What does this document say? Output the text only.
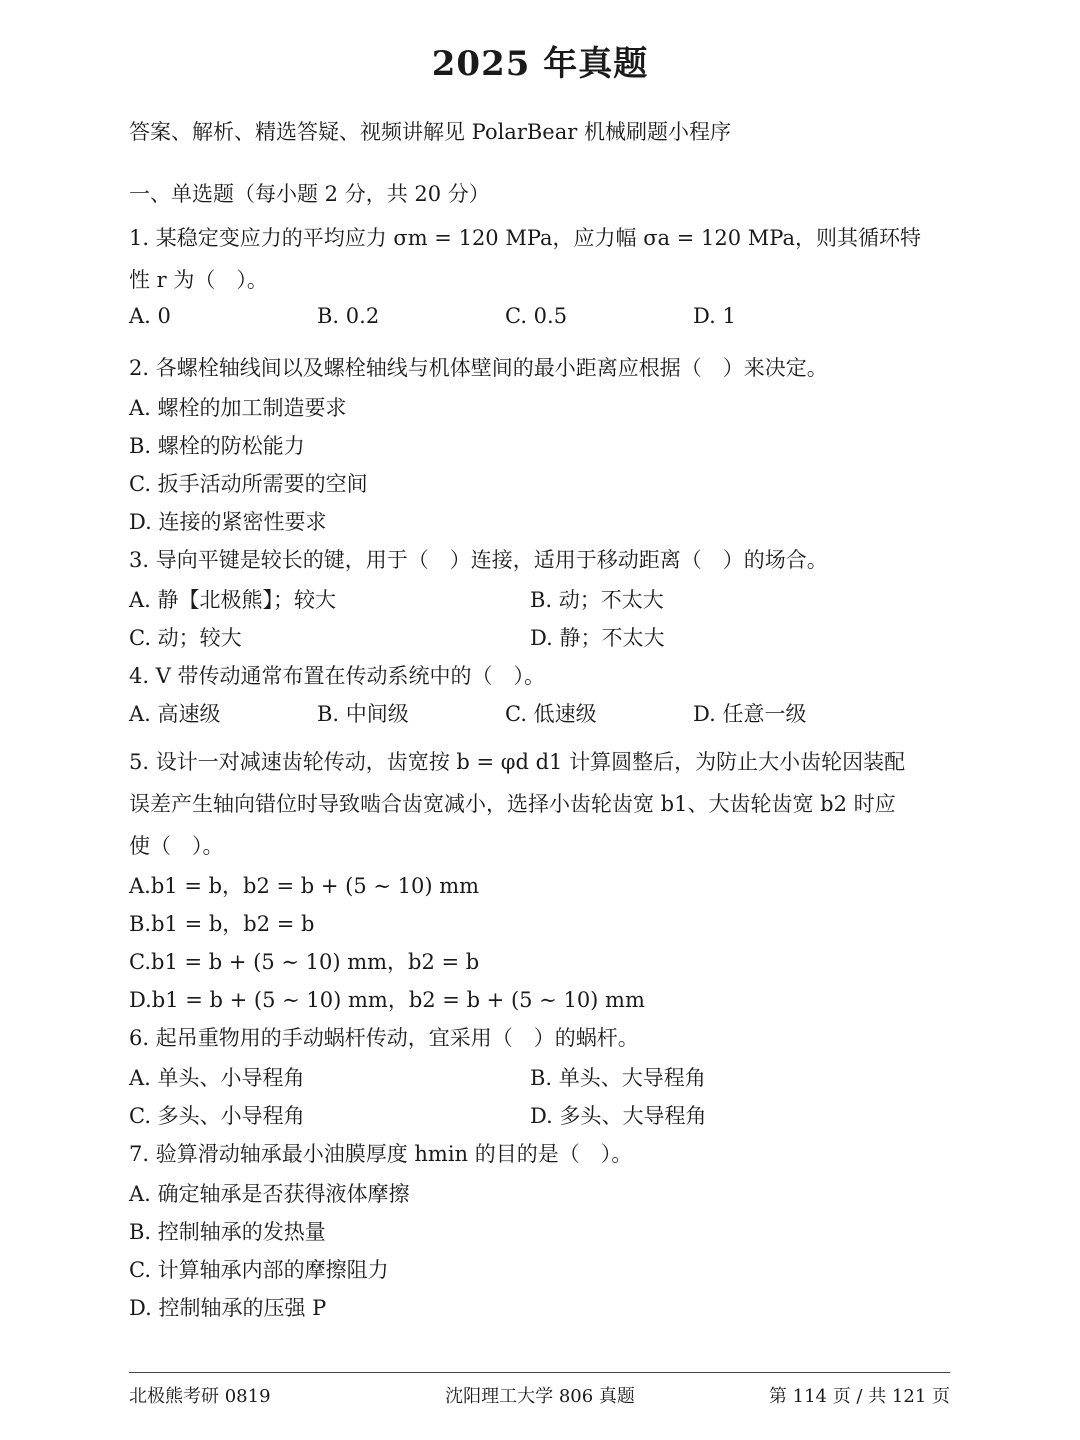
2025 年真题
答案、解析、精选答疑、视频讲解见 PolarBear 机械刷题小程序
一、单选题（每小题 2 分，共 20 分）
1. 某稳定变应力的平均应力 σm = 120 MPa，应力幅 σa = 120 MPa，则其循环特
性 r 为（　）。
A. 0	B. 0.2	C. 0.5	D. 1
2. 各螺栓轴线间以及螺栓轴线与机体壁间的最小距离应根据（　）来决定。
A. 螺栓的加工制造要求
B. 螺栓的防松能力
C. 扳手活动所需要的空间
D. 连接的紧密性要求
3. 导向平键是较长的键，用于（　）连接，适用于移动距离（　）的场合。
A. 静【北极熊】；较大	B. 动；不太大
C. 动；较大	D. 静；不太大
4. V 带传动通常布置在传动系统中的（　）。
A. 高速级	B. 中间级	C. 低速级	D. 任意一级
5. 设计一对减速齿轮传动，齿宽按 b = φd d1 计算圆整后，为防止大小齿轮因装配
误差产生轴向错位时导致啮合齿宽减小，选择小齿轮齿宽 b1、大齿轮齿宽 b2 时应
使（　）。
A.b1 = b，b2 = b + (5 ∼ 10) mm
B.b1 = b，b2 = b
C.b1 = b + (5 ∼ 10) mm，b2 = b
D.b1 = b + (5 ∼ 10) mm，b2 = b + (5 ∼ 10) mm
6. 起吊重物用的手动蜗杆传动，宜采用（　）的蜗杆。
A. 单头、小导程角	B. 单头、大导程角
C. 多头、小导程角	D. 多头、大导程角
7. 验算滑动轴承最小油膜厚度 hmin 的目的是（　）。
A. 确定轴承是否获得液体摩擦
B. 控制轴承的发热量
C. 计算轴承内部的摩擦阻力
D. 控制轴承的压强 P
北极熊考研 0819	沈阳理工大学 806 真题	第 114 页 / 共 121 页
